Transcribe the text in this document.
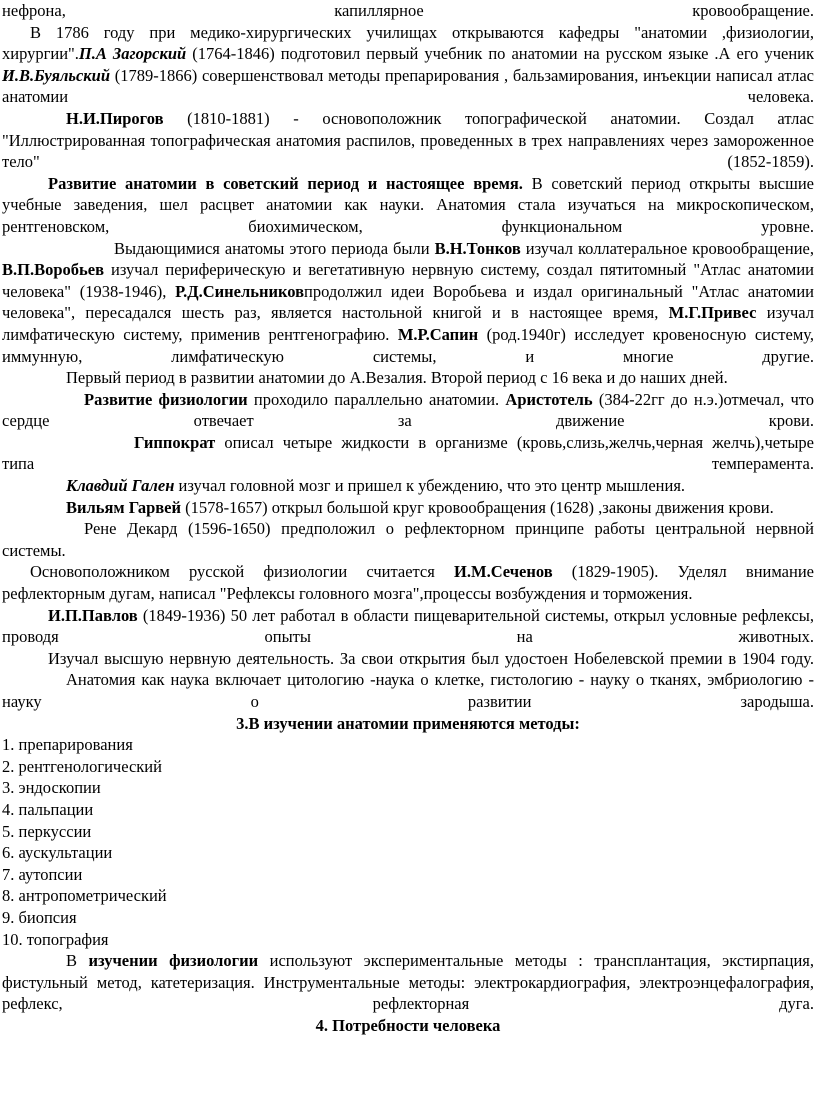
нефрона, капиллярное кровообращение.

В 1786 году при медико-хирургических училищах открываются кафедры "анатомии ,физиологии, хирургии".П.А Загорский (1764-1846) подготовил первый учебник по анатомии на русском языке .А его ученик И.В.Буяльский (1789-1866) совершенствовал методы препарирования , бальзамирования, инъекции написал атлас анатомии человека.

Н.И.Пирогов (1810-1881) - основоположник топографической анатомии. Создал атлас "Иллюстрированная топографическая анатомия распилов, проведенных в трех направлениях через замороженное тело" (1852-1859).

Развитие анатомии в советский период и настоящее время. В советский период открыты высшие учебные заведения, шел расцвет анатомии как науки. Анатомия стала изучаться на микроскопическом, рентгеновском, биохимическом, функциональном уровне.

Выдающимися анатомы этого периода были В.Н.Тонков изучал коллатеральное кровообращение, В.П.Воробьев изучал периферическую и вегетативную нервную систему, создал пятитомный "Атлас анатомии человека" (1938-1946), Р.Д.Синельниковпродолжил идеи Воробьева и издал оригинальный "Атлас анатомии человека", пересадался шесть раз, является настольной книгой и в настоящее время, М.Г.Привес изучал лимфатическую систему, применив рентгенографию. М.Р.Сапин (род.1940г) исследует кровеносную систему, иммунную, лимфатическую системы, и многие другие.

Первый период в развитии анатомии до А.Везалия. Второй период с 16 века и до наших дней.

Развитие физиологии проходило параллельно анатомии. Аристотель (384-22гг до н.э.)отмечал, что сердце отвечает за движение крови.

Гиппократ описал четыре жидкости в организме (кровь,слизь,желчь,черная желчь),четыре типа темперамента.

Клавдий Гален изучал головной мозг и пришел к убеждению, что это центр мышления.

Вильям Гарвей (1578-1657) открыл большой круг кровообращения (1628) ,законы движения крови.

Рене Декард (1596-1650) предположил о рефлекторном принципе работы центральной нервной системы.

Основоположником русской физиологии считается И.М.Сеченов (1829-1905). Уделял внимание рефлекторным дугам, написал "Рефлексы головного мозга",процессы возбуждения и торможения.

И.П.Павлов (1849-1936) 50 лет работал в области пищеварительной системы, открыл условные рефлексы, проводя опыты на животных.

Изучал высшую нервную деятельность. За свои открытия был удостоен Нобелевской премии в 1904 году.

Анатомия как наука включает цитологию -наука о клетке, гистологию - науку о тканях, эмбриологию - науку о развитии зародыша.

3.В изучении анатомии применяются методы:

1. препарирования

2. рентгенологический

3. эндоскопии

4. пальпации

5. перкуссии

6. аускультации

7. аутопсии

8. антропометрический

9. биопсия

10. топография

В изучении физиологии используют экспериментальные методы : трансплантация, экстирпация, фистульный метод, катетеризация. Инструментальные методы: электрокардиография, электроэнцефалография, рефлекс, рефлекторная дуга.

4. Потребности человека
